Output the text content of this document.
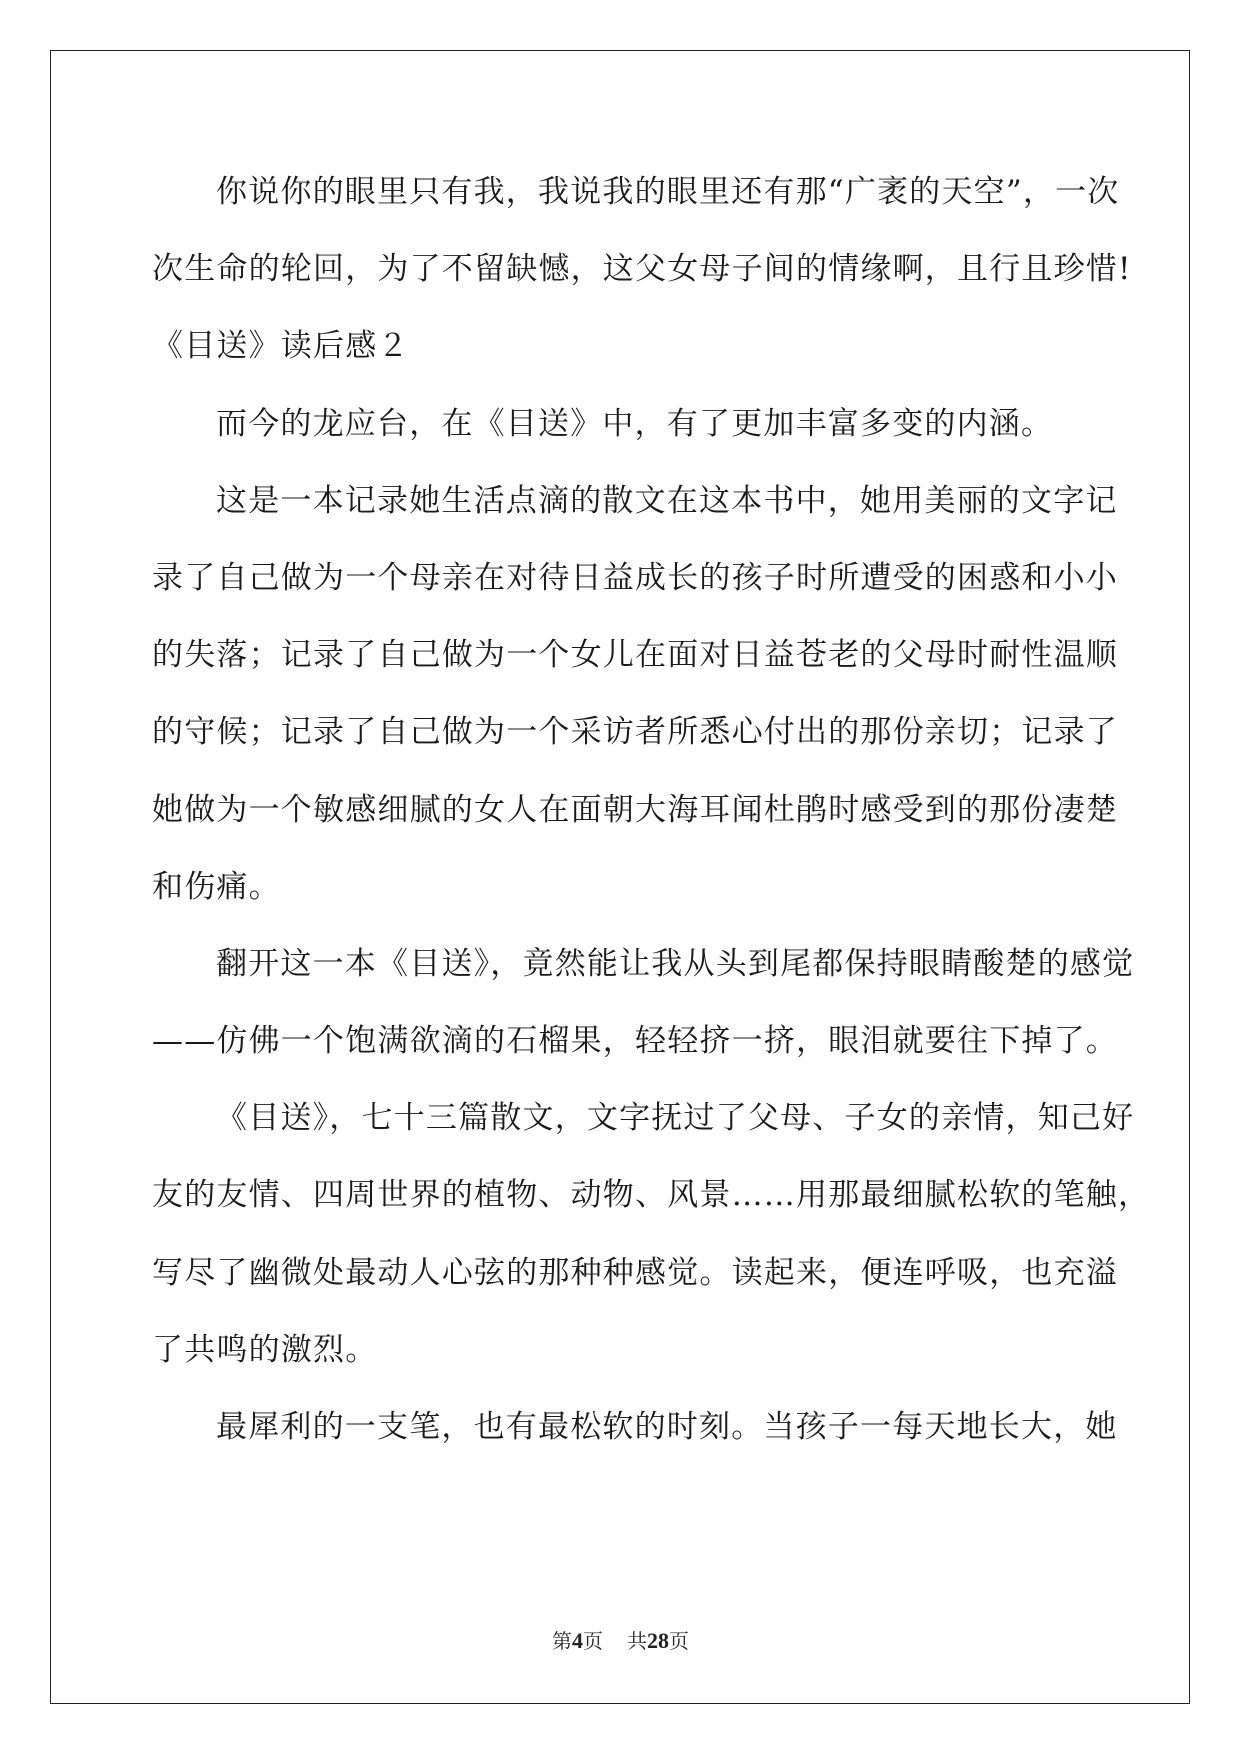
你说你的眼里只有我，我说我的眼里还有那“广袤的天空”，一次
次生命的轮回，为了不留缺憾，这父女母子间的情缘啊，且行且珍惜!
《目送》读后感２
而今的龙应台，在《目送》中，有了更加丰富多变的内涵。
这是一本记录她生活点滴的散文在这本书中，她用美丽的文字记
录了自己做为一个母亲在对待日益成长的孩子时所遭受的困惑和小小
的失落；记录了自己做为一个女儿在面对日益苍老的父母时耐性温顺
的守候；记录了自己做为一个采访者所悉心付出的那份亲切；记录了
她做为一个敏感细腻的女人在面朝大海耳闻杜鹃时感受到的那份凄楚
和伤痛。
翻开这一本《目送》，竟然能让我从头到尾都保持眼睛酸楚的感觉
——仿佛一个饱满欲滴的石榴果，轻轻挤一挤，眼泪就要往下掉了。
《目送》，七十三篇散文，文字抚过了父母、子女的亲情，知己好
友的友情、四周世界的植物、动物、风景……用那最细腻松软的笔触，
写尽了幽微处最动人心弦的那种种感觉。读起来，便连呼吸，也充溢
了共鸣的激烈。
最犀利的一支笔，也有最松软的时刻。当孩子一每天地长大，她
第4页 共28页
